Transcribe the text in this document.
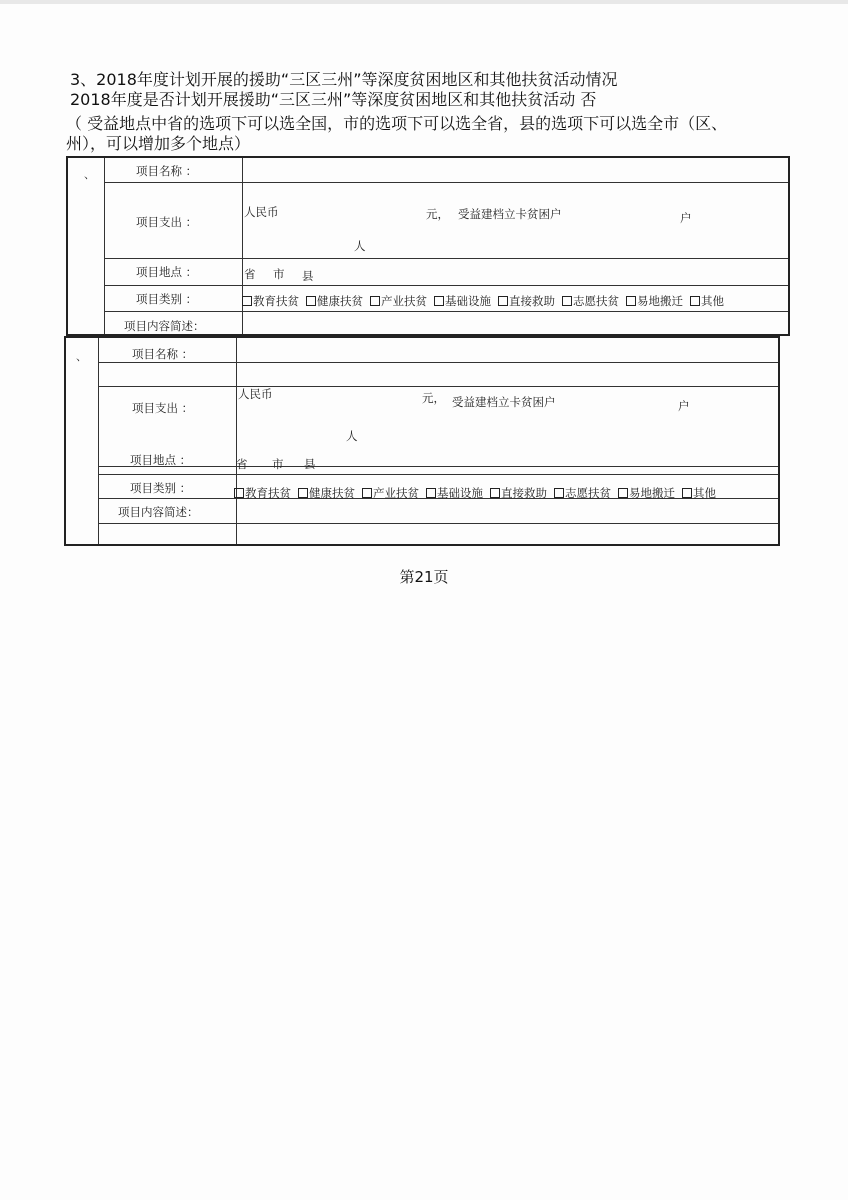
3、2018年度计划开展的援助“三区三州”等深度贫困地区和其他扶贫活动情况
2018年度是否计划开展援助“三区三州”等深度贫困地区和其他扶贫活动 否
（ 受益地点中省的选项下可以选全国，市的选项下可以选全省，县的选项下可以选全市（区、
州），可以增加多个地点）
、	项目名称 ：
项目支出 ：
人民币	元， 受益建档立卡贫困户	户
人
项目地点 ：	省 市 县
项目类别 ：	教育扶贫 健康扶贫 产业扶贫 基础设施 直接救助 志愿扶贫 易地搬迁 其他
项目内容简述：
、	项目名称 ：
项目支出 ：
人民币	元， 受益建档立卡贫困户	户
人
项目地点 ：	省 市 县
项目类别 ：	教育扶贫 健康扶贫 产业扶贫 基础设施 直接救助 志愿扶贫 易地搬迁 其他
项目内容简述：
第21页
